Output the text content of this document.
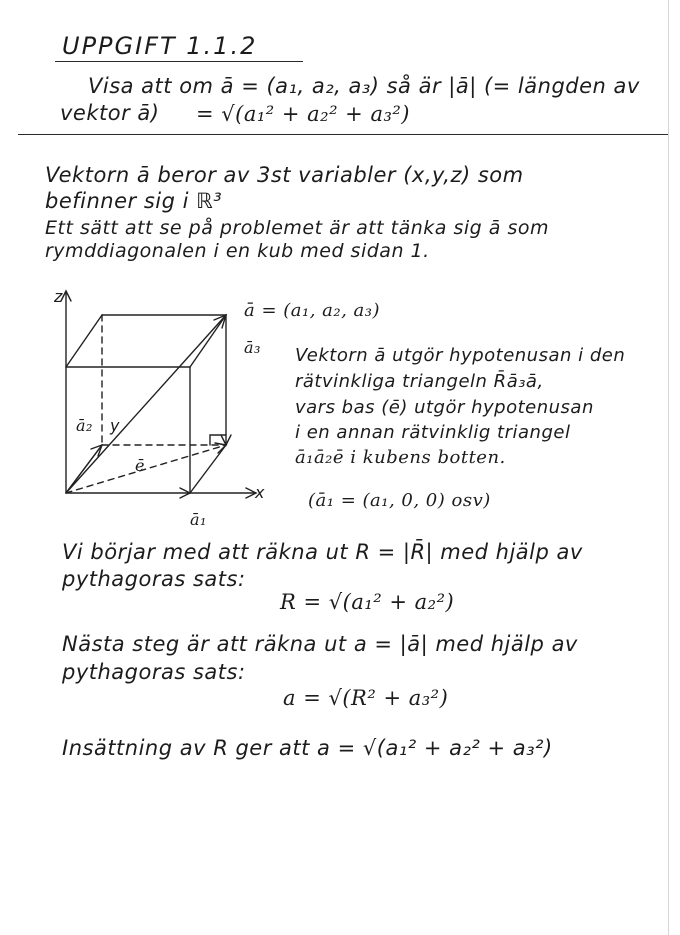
UPPGIFT 1.1.2
Visa att om ā = (a₁, a₂, a₃) så är |ā| (= längden av
vektor ā) = √(a₁² + a₂² + a₃²)
Vektorn ā beror av 3st variabler (x,y,z) som
befinner sig i ℝ³
Ett sätt att se på problemet är att tänka sig ā som
rymddiagonalen i en kub med sidan 1.
z
x
y
ā = (a₁, a₂, a₃)
ā₃
ā₂
ā₁
ē
Vektorn ā utgör hypotenusan i den
rätvinkliga triangeln R̄ā₃ā,
vars bas (ē) utgör hypotenusan
i en annan rätvinklig triangel
ā₁ā₂ē i kubens botten.
(ā₁ = (a₁, 0, 0) osv)
Vi börjar med att räkna ut R = |R̄| med hjälp av
pythagoras sats:
R = √(a₁² + a₂²)
Nästa steg är att räkna ut a = |ā| med hjälp av
pythagoras sats:
a = √(R² + a₃²)
Insättning av R ger att a = √(a₁² + a₂² + a₃²)
